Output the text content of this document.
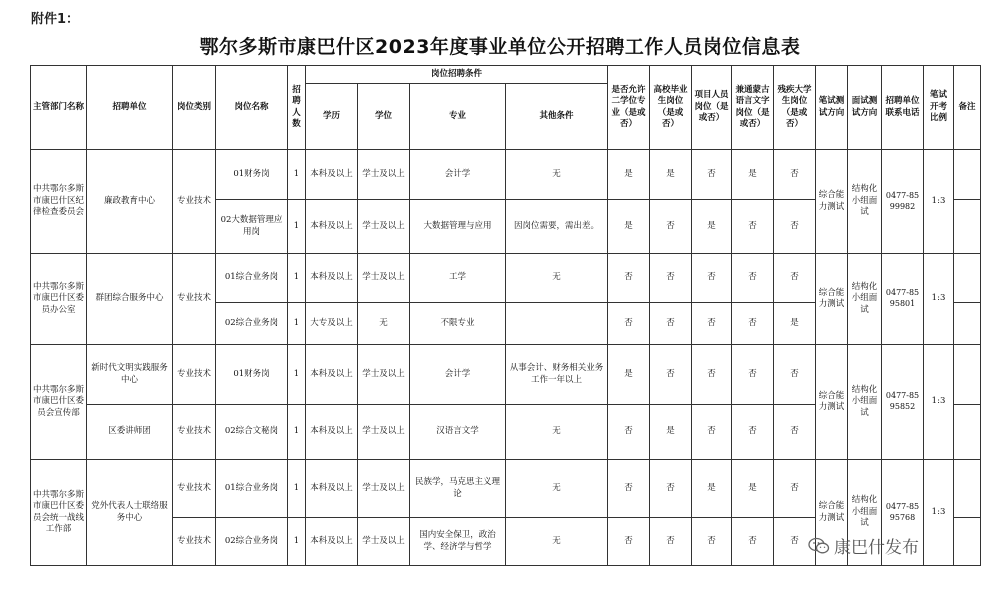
附件1：
鄂尔多斯市康巴什区2023年度事业单位公开招聘工作人员岗位信息表
主管部门名称	招聘单位	岗位类别	岗位名称	招聘人数	岗位招聘条件				是否允许二学位专业（是或否）	高校毕业生岗位（是或否）	项目人员岗位（是或否）	兼通蒙古语言文字岗位（是或否）	残疾大学生岗位（是或否）	笔试测试方向	面试测试方向	招聘单位联系电话	笔试开考比例	备注
					学历	学位	专业	其他条件										
中共鄂尔多斯市康巴什区纪律检查委员会	廉政教育中心	专业技术	01财务岗	1	本科及以上	学士及以上	会计学	无	是	是	否	是	否	综合能力测试	结构化小组面试	0477-8599982	1:3	
			02大数据管理应用岗	1	本科及以上	学士及以上	大数据管理与应用	因岗位需要，需出差。	是	否	是	否	否					
中共鄂尔多斯市康巴什区委员办公室	群团综合服务中心	专业技术	01综合业务岗	1	本科及以上	学士及以上	工学	无	否	否	否	否	否	综合能力测试	结构化小组面试	0477-8595801	1:3	
			02综合业务岗	1	大专及以上	无	不限专业		否	否	否	否	是					
中共鄂尔多斯市康巴什区委员会宣传部	新时代文明实践服务中心	专业技术	01财务岗	1	本科及以上	学士及以上	会计学	从事会计、财务相关业务工作一年以上	是	否	否	否	否	综合能力测试	结构化小组面试	0477-8595852	1:3	
	区委讲师团	专业技术	02综合文秘岗	1	本科及以上	学士及以上	汉语言文学	无	否	是	否	否	否					
中共鄂尔多斯市康巴什区委员会统一战线工作部	党外代表人士联络服务中心	专业技术	01综合业务岗	1	本科及以上	学士及以上	民族学，马克思主义理论	无	否	否	是	是	否	综合能力测试	结构化小组面试	0477-8595768	1:3	
		专业技术	02综合业务岗	1	本科及以上	学士及以上	国内安全保卫，政治学、经济学与哲学	无	否	否	否	否	否					康巴什发布
